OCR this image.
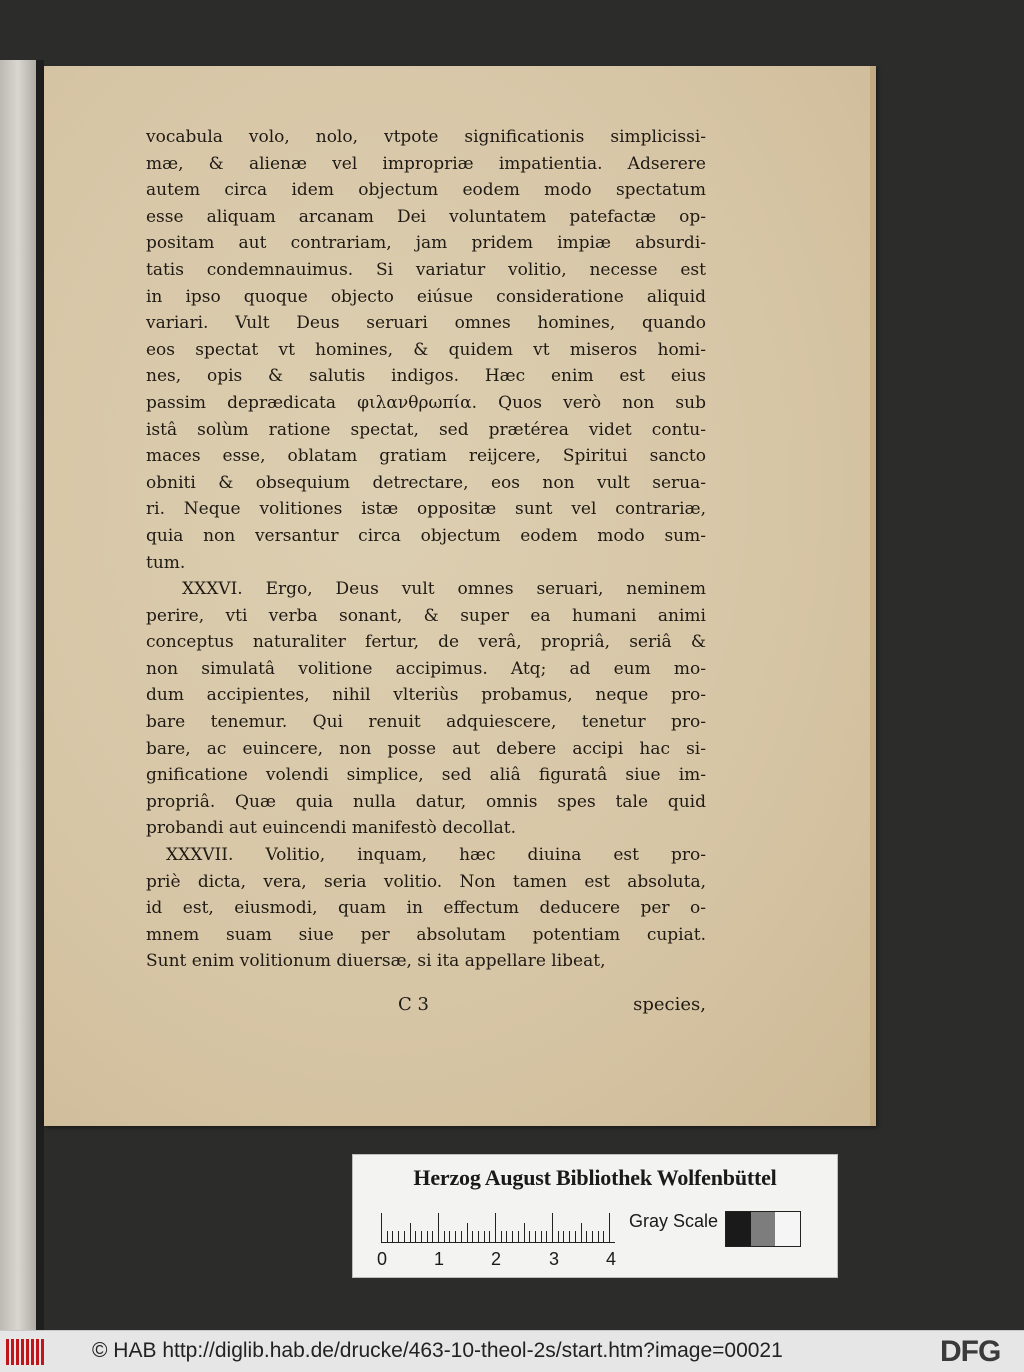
vocabula volo, nolo, vtpote significationis simplicissi-
mæ, & alienæ vel impropriæ impatientia. Adserere
autem circa idem objectum eodem modo spectatum
esse aliquam arcanam Dei voluntatem patefactæ op-
positam aut contrariam, jam pridem impiæ absurdi-
tatis condemnauimus. Si variatur volitio, necesse est
in ipso quoque objecto eiúsue consideratione aliquid
variari. Vult Deus seruari omnes homines, quando
eos spectat vt homines, & quidem vt miseros homi-
nes, opis & salutis indigos. Hæc enim est eius
passim deprædicata φιλανθρωπία. Quos verò non sub
istâ solùm ratione spectat, sed prætérea videt contu-
maces esse, oblatam gratiam reijcere, Spiritui sancto
obniti & obsequium detrectare, eos non vult serua-
ri. Neque volitiones istæ oppositæ sunt vel contrariæ,
quia non versantur circa objectum eodem modo sum-
tum.
XXXVI. Ergo, Deus vult omnes seruari, neminem
perire, vti verba sonant, & super ea humani animi
conceptus naturaliter fertur, de verâ, propriâ, seriâ &
non simulatâ volitione accipimus. Atq; ad eum mo-
dum accipientes, nihil vlteriùs probamus, neque pro-
bare tenemur. Qui renuit adquiescere, tenetur pro-
bare, ac euincere, non posse aut debere accipi hac si-
gnificatione volendi simplice, sed aliâ figuratâ siue im-
propriâ. Quæ quia nulla datur, omnis spes tale quid
probandi aut euincendi manifestò decollat.
XXXVII. Volitio, inquam, hæc diuina est pro-
priè dicta, vera, seria volitio. Non tamen est absoluta,
id est, eiusmodi, quam in effectum deducere per o-
mnem suam siue per absolutam potentiam cupiat.
Sunt enim volitionum diuersæ, si ita appellare libeat,
C 3	species,
Herzog August Bibliothek Wolfenbüttel
0	1	2	3	4
Gray Scale
© HAB http://diglib.hab.de/drucke/463-10-theol-2s/start.htm?image=00021	DFG
